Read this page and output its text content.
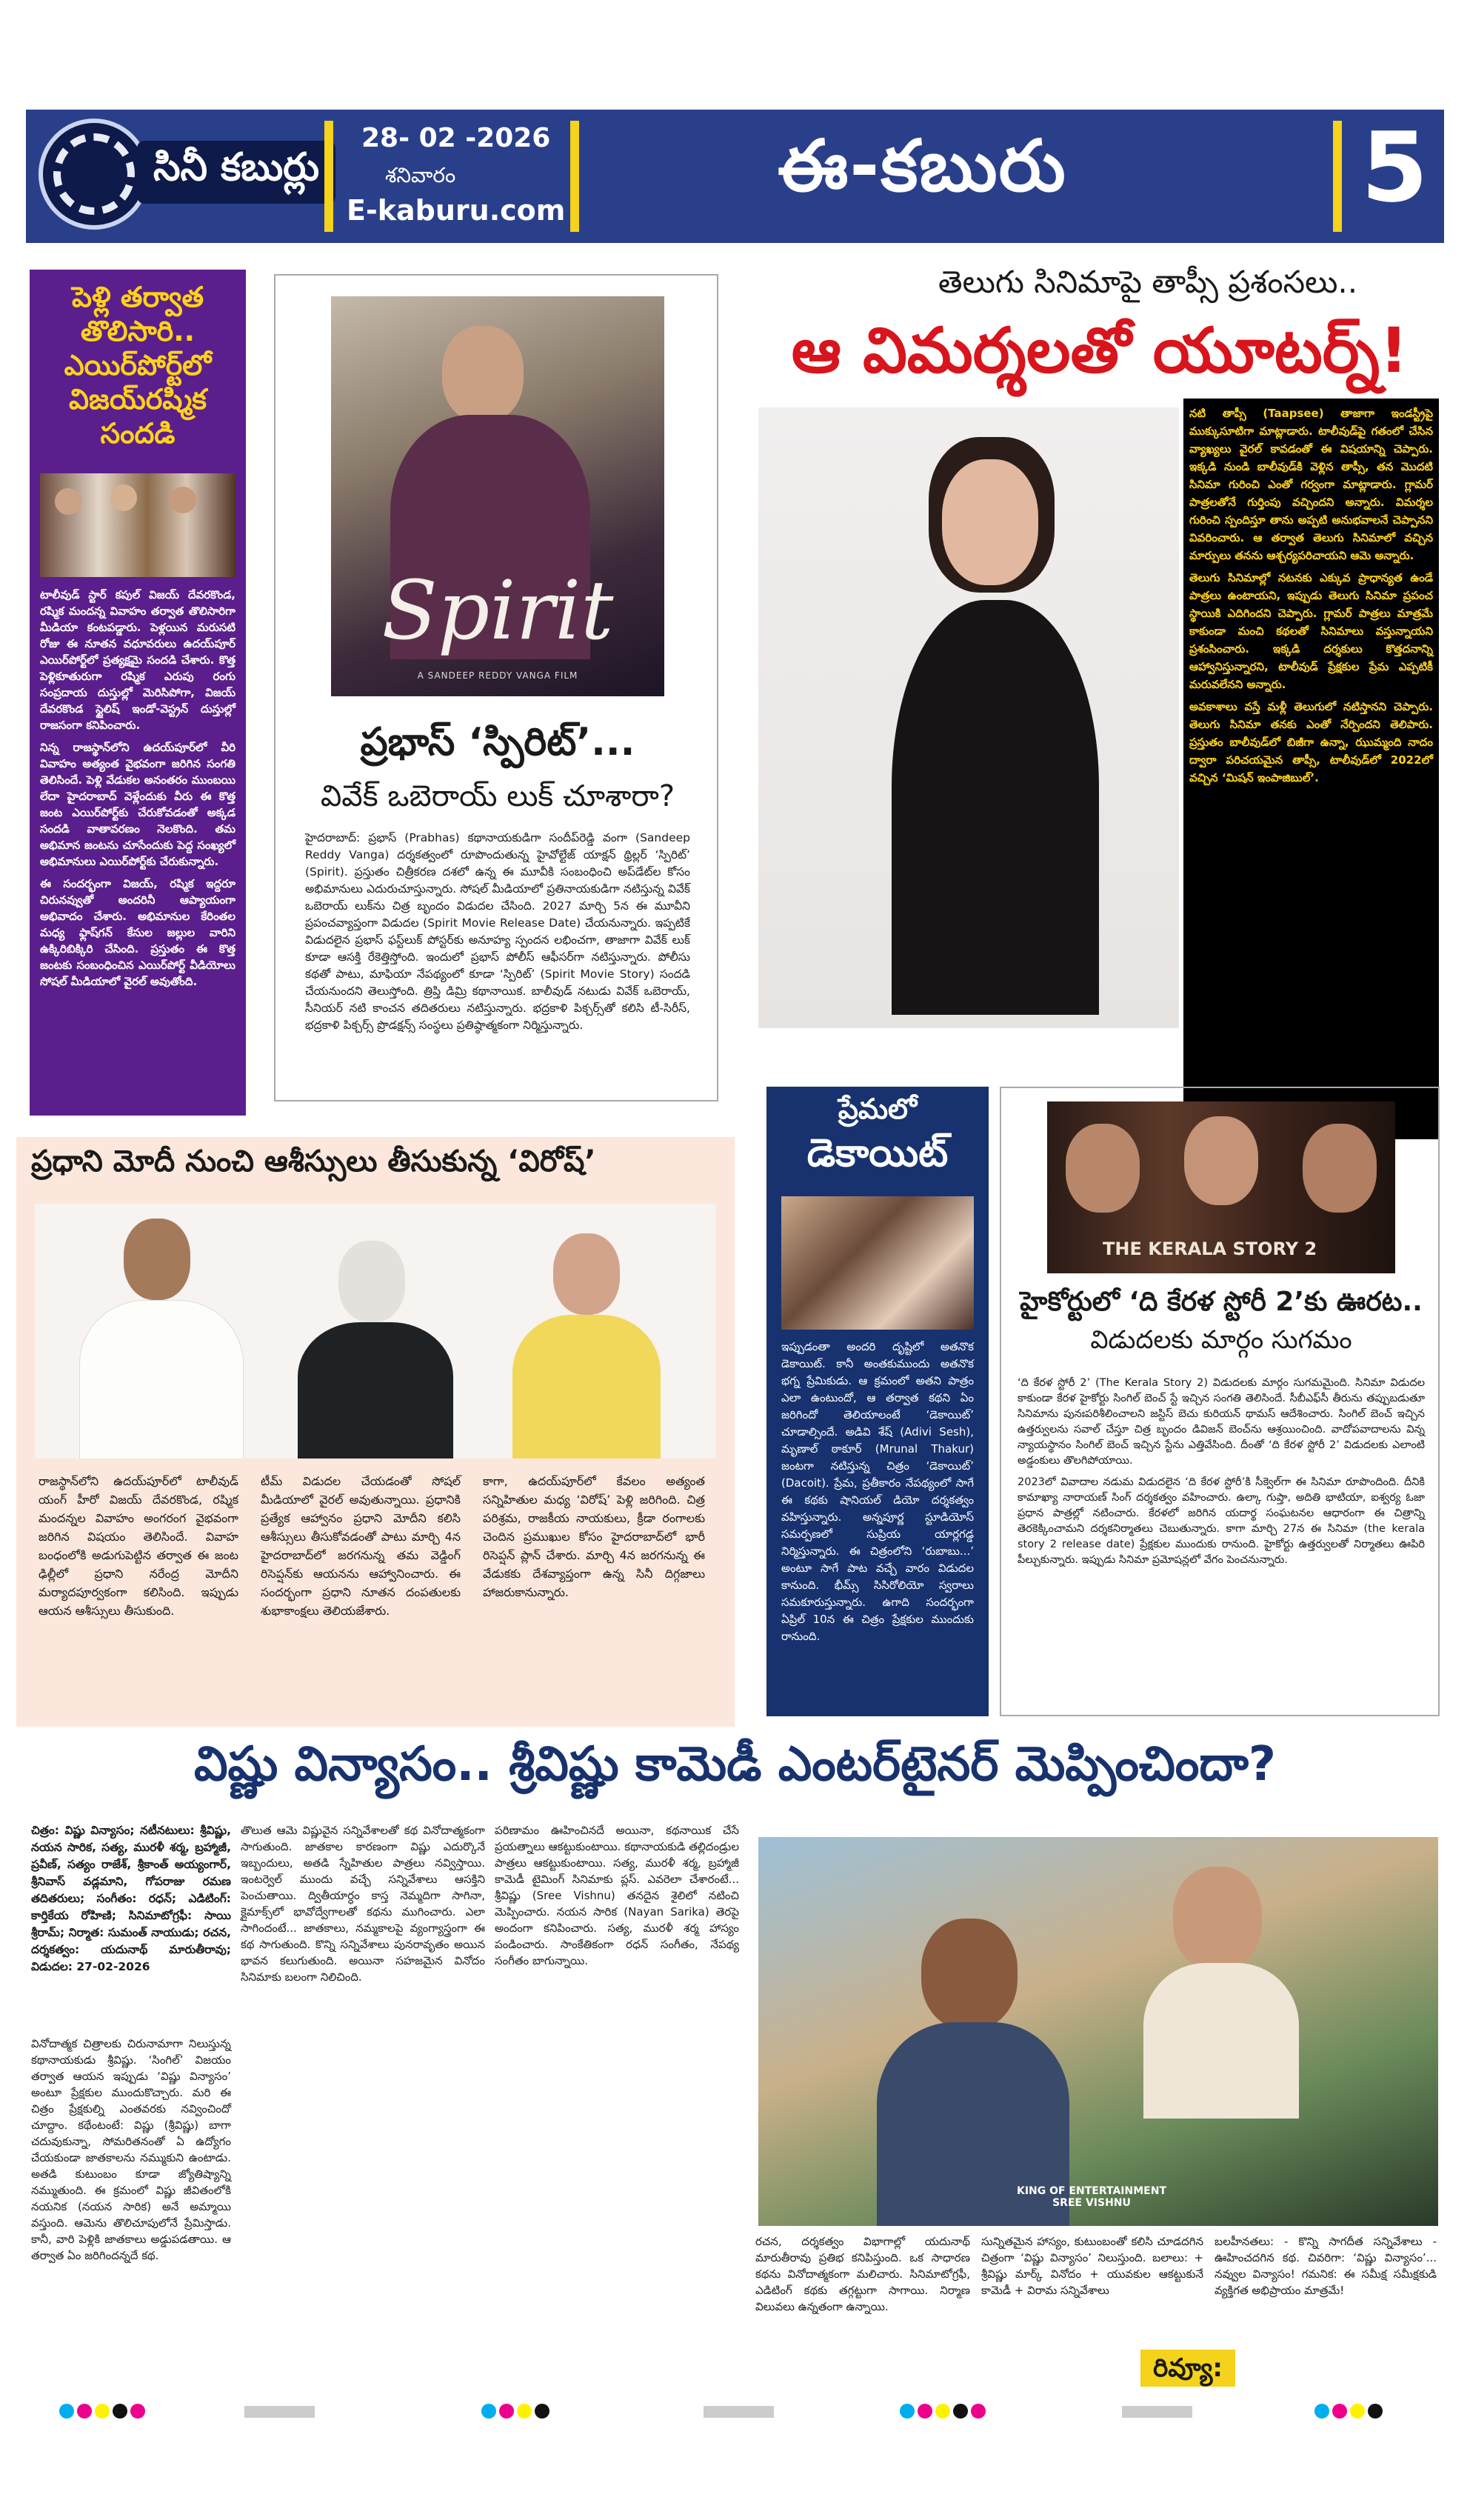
సినీ కబుర్లు
28- 02 -2026
శనివారం
E-kaburu.com
ఈ-కబురు	5
పెళ్లి తర్వాత తొలిసారి.. ఎయిర్‌పోర్ట్‌లో విజయ్‌రష్మిక సందడి

టాలీవుడ్ స్టార్ కపుల్ విజయ్ దేవరకొండ, రష్మిక మందన్న వివాహం తర్వాత తొలిసారిగా మీడియా కంటపడ్డారు. పెళ్లయిన మరుసటి రోజు ఈ నూతన వధూవరులు ఉదయ్‌పూర్ ఎయిర్‌పోర్ట్‌లో ప్రత్యక్షమై సందడి చేశారు. కొత్త పెళ్లికూతురుగా రష్మిక ఎరుపు రంగు సంప్రదాయ దుస్తుల్లో మెరిసిపోగా, విజయ్ దేవరకొండ స్టైలిష్ ఇండో-వెస్ట్రన్ దుస్తుల్లో రాజసంగా కనిపించారు.

నిన్న రాజస్థాన్‌లోని ఉదయ్‌పూర్‌లో వీరి వివాహం అత్యంత వైభవంగా జరిగిన సంగతి తెలిసిందే. పెళ్లి వేడుకల అనంతరం ముంబయి లేదా హైదరాబాద్ వెళ్లేందుకు వీరు ఈ కొత్త జంట ఎయిర్‌పోర్ట్‌కు చేరుకోవడంతో అక్కడ సందడి వాతావరణం నెలకొంది. తమ అభిమాన జంటను చూసేందుకు పెద్ద సంఖ్యలో అభిమానులు ఎయిర్‌పోర్ట్‌కు చేరుకున్నారు.

ఈ సందర్భంగా విజయ్, రష్మిక ఇద్దరూ చిరునవ్వుతో అందరినీ ఆప్యాయంగా అభివాదం చేశారు. అభిమానుల కేరింతల మధ్య ఫ్లాష్‌గన్ కేసుల జల్లుల వారిని ఉక్కిరిబిక్కిరి చేసింది. ప్రస్తుతం ఈ కొత్త జంటకు సంబంధించిన ఎయిర్‌పోర్ట్ వీడియోలు సోషల్ మీడియాలో వైరల్ అవుతోంది.

Spirit
A SANDEEP REDDY VANGA FILM
ప్రభాస్ ‘స్పిరిట్’...
వివేక్ ఒబెరాయ్ లుక్ చూశారా?
హైదరాబాద్: ప్రభాస్ (Prabhas) కథానాయకుడిగా సందీప్‌రెడ్డి వంగా (Sandeep Reddy Vanga) దర్శకత్వంలో రూపొందుతున్న హైవోల్టేజ్ యాక్షన్ థ్రిల్లర్ ‘స్పిరిట్’ (Spirit). ప్రస్తుతం చిత్రీకరణ దశలో ఉన్న ఈ మూవీకి సంబంధించి అప్‌డేట్‌ల కోసం అభిమానులు ఎదురుచూస్తున్నారు. సోషల్ మీడియాలో ప్రతినాయకుడిగా నటిస్తున్న వివేక్ ఒబెరాయ్ లుక్‌ను చిత్ర బృందం విడుదల చేసింది. 2027 మార్చి 5న ఈ మూవీని ప్రపంచవ్యాప్తంగా విడుదల (Spirit Movie Release Date) చేయనున్నారు. ఇప్పటికే విడుదలైన ప్రభాస్ ఫస్ట్‌లుక్ పోస్టర్‌కు అనూహ్య స్పందన లభించగా, తాజాగా వివేక్ లుక్ కూడా ఆసక్తి రేకెత్తిస్తోంది. ఇందులో ప్రభాస్ పోలీస్ ఆఫీసర్‌గా నటిస్తున్నారు. పోలీసు కథతో పాటు, మాఫియా నేపథ్యంలో కూడా ‘స్పిరిట్’ (Spirit Movie Story) సందడి చేయనుందని తెలుస్తోంది. త్రిప్తి డిమ్రి కథానాయిక. బాలీవుడ్ నటుడు వివేక్ ఒబెరాయ్, సీనియర్ నటి కాంచన తదితరులు నటిస్తున్నారు. భద్రకాళి పిక్చర్స్‌తో కలిసి టీ-సిరీస్, భద్రకాళి పిక్చర్స్ ప్రొడక్షన్స్ సంస్థలు ప్రతిష్ఠాత్మకంగా నిర్మిస్తున్నారు.
తెలుగు సినిమాపై తాప్సీ ప్రశంసలు..
ఆ విమర్శలతో యూటర్న్!

నటి తాప్సీ (Taapsee) తాజాగా ఇండస్ట్రీపై ముక్కుసూటిగా మాట్లాడారు. టాలీవుడ్‌పై గతంలో చేసిన వ్యాఖ్యలు వైరల్ కావడంతో ఈ విషయాన్ని చెప్పారు. ఇక్కడి నుండి బాలీవుడ్‌కి వెళ్లిన తాప్సీ, తన మొదటి సినిమా గురించి ఎంతో గర్వంగా మాట్లాడారు. గ్లామర్ పాత్రలతోనే గుర్తింపు వచ్చిందని అన్నారు. విమర్శల గురించి స్పందిస్తూ తాను అప్పటి అనుభవాలనే చెప్పానని వివరించారు. ఆ తర్వాత తెలుగు సినిమాలో వచ్చిన మార్పులు తనను ఆశ్చర్యపరిచాయని ఆమె అన్నారు.

తెలుగు సినిమాల్లో నటనకు ఎక్కువ ప్రాధాన్యత ఉండే పాత్రలు ఉంటాయని, ఇప్పుడు తెలుగు సినిమా ప్రపంచ స్థాయికి ఎదిగిందని చెప్పారు. గ్లామర్ పాత్రలు మాత్రమే కాకుండా మంచి కథలతో సినిమాలు వస్తున్నాయని ప్రశంసించారు. ఇక్కడి దర్శకులు కొత్తదనాన్ని ఆహ్వానిస్తున్నారని, టాలీవుడ్ ప్రేక్షకుల ప్రేమ ఎప్పటికీ మరువలేనని అన్నారు.

అవకాశాలు వస్తే మళ్లీ తెలుగులో నటిస్తానని చెప్పారు. తెలుగు సినిమా తనకు ఎంతో నేర్పిందని తెలిపారు. ప్రస్తుతం బాలీవుడ్‌లో బిజీగా ఉన్నా, ఝుమ్మంది నాదం ద్వారా పరిచయమైన తాప్సీ, టాలీవుడ్‌లో 2022లో వచ్చిన ‘మిషన్ ఇంపాజిబుల్’.

ప్రధాని మోదీ నుంచి ఆశీస్సులు తీసుకున్న ‘విరోష్’
రాజస్థాన్‌లోని ఉదయ్‌పూర్‌లో టాలీవుడ్ యంగ్ హీరో విజయ్ దేవరకొండ, రష్మిక మందన్నల వివాహం అంగరంగ వైభవంగా జరిగిన విషయం తెలిసిందే. వివాహ బంధంలోకి అడుగుపెట్టిన తర్వాత ఈ జంట ఢిల్లీలో ప్రధాని నరేంద్ర మోదీని మర్యాదపూర్వకంగా కలిసింది. ఇప్పుడు ఆయన ఆశీస్సులు తీసుకుంది.
టీమ్ విడుదల చేయడంతో సోషల్ మీడియాలో వైరల్ అవుతున్నాయి. ప్రధానికి ప్రత్యేక ఆహ్వానం ప్రధాని మోదీని కలిసి ఆశీస్సులు తీసుకోవడంతో పాటు మార్చి 4న హైదరాబాద్‌లో జరగనున్న తమ వెడ్డింగ్ రిసెప్షన్‌కు ఆయనను ఆహ్వానించారు. ఈ సందర్భంగా ప్రధాని నూతన దంపతులకు శుభాకాంక్షలు తెలియజేశారు.
కాగా, ఉదయ్‌పూర్‌లో కేవలం అత్యంత సన్నిహితుల మధ్య ‘విరోష్’ పెళ్లి జరిగింది. చిత్ర పరిశ్రమ, రాజకీయ నాయకులు, క్రీడా రంగాలకు చెందిన ప్రముఖుల కోసం హైదరాబాద్‌లో భారీ రిసెప్షన్ ప్లాన్ చేశారు. మార్చి 4న జరగనున్న ఈ వేడుకకు దేశవ్యాప్తంగా ఉన్న సినీ దిగ్గజాలు హాజరుకానున్నారు.
ప్రేమలో
డెకాయిట్
ఇప్పుడంతా అందరి దృష్టిలో అతనొక డెకాయిట్. కానీ అంతకుముందు అతనొక భగ్న ప్రేమికుడు. ఆ క్రమంలో అతని పాత్రం ఎలా ఉంటుందో, ఆ తర్వాత కథని ఏం జరిగిందో తెలియాలంటే ‘డెకాయిట్’ చూడాల్సిందే. అడివి శేష్ (Adivi Sesh), మృణాల్ ఠాకూర్ (Mrunal Thakur) జంటగా నటిస్తున్న చిత్రం ‘డెకాయిట్’ (Dacoit). ప్రేమ, ప్రతీకారం నేపథ్యంలో సాగే ఈ కథకు షానియల్ డియో దర్శకత్వం వహిస్తున్నారు. అన్నపూర్ణ స్టూడియోస్ సమర్పణలో సుప్రియ యార్లగడ్డ నిర్మిస్తున్నారు. ఈ చిత్రంలోని ‘రుబాబు...’ అంటూ సాగే పాట వచ్చే వారం విడుదల కానుంది. భీమ్స్ సిసిరోలియో స్వరాలు సమకూరుస్తున్నారు. ఉగాది సందర్భంగా ఏప్రిల్ 10న ఈ చిత్రం ప్రేక్షకుల ముందుకు రానుంది.
THE KERALA STORY 2
హైకోర్టులో ‘ది కేరళ స్టోరీ 2’కు ఊరట..
విడుదలకు మార్గం సుగమం

‘ది కేరళ స్టోరీ 2’ (The Kerala Story 2) విడుదలకు మార్గం సుగమమైంది. సినిమా విడుదల కాకుండా కేరళ హైకోర్టు సింగిల్ బెంచ్ స్టే ఇచ్చిన సంగతి తెలిసిందే. సీబీఎఫ్‌సీ తీరును తప్పుబడుతూ సినిమాను పునఃపరిశీలించాలని జస్టిస్ బెచు కురియన్ థామస్ ఆదేశించారు. సింగిల్ బెంచ్ ఇచ్చిన ఉత్తర్వులను సవాల్ చేస్తూ చిత్ర బృందం డివిజన్ బెంచ్‌ను ఆశ్రయించింది. వాదోపవాదాలను విన్న న్యాయస్థానం సింగిల్ బెంచ్ ఇచ్చిన స్టేను ఎత్తివేసింది. దీంతో ‘ది కేరళ స్టోరీ 2’ విడుదలకు ఎలాంటి అడ్డంకులు తొలగిపోయాయి.

2023లో వివాదాల నడుమ విడుదలైన ‘ది కేరళ స్టోరీ’కి సీక్వెల్‌గా ఈ సినిమా రూపొందింది. దీనికి కామాఖ్యా నారాయణ్ సింగ్ దర్శకత్వం వహించారు. ఉల్కా గుప్తా, అదితి భాటియా, ఐశ్వర్య ఓజా ప్రధాన పాత్రల్లో నటించారు. కేరళలో జరిగిన యదార్థ సంఘటనల ఆధారంగా ఈ చిత్రాన్ని తెరకెక్కించామని దర్శకనిర్మాతలు చెబుతున్నారు. కాగా మార్చి 27న ఈ సినిమా (the kerala story 2 release date) ప్రేక్షకుల ముందుకు రానుంది. హైకోర్టు ఉత్తర్వులతో నిర్మాతలు ఊపిరి పీల్చుకున్నారు. ఇప్పుడు సినిమా ప్రమోషన్లలో వేగం పెంచనున్నారు.

విష్ణు విన్యాసం.. శ్రీవిష్ణు కామెడీ ఎంటర్‌టైనర్ మెప్పించిందా?
చిత్రం: విష్ణు విన్యాసం; నటీనటులు: శ్రీవిష్ణు, నయన సారిక, సత్య, మురళీ శర్మ, బ్రహ్మాజీ, ప్రవీణ్, సత్యం రాజేశ్, శ్రీకాంత్ అయ్యంగార్, శ్రీనివాస్ వడ్లమాని, గోపరాజు రమణ తదితరులు; సంగీతం: రధన్; ఎడిటింగ్: కార్తికేయ రోహిణి; సినిమాటోగ్రఫీ: సాయి శ్రీరామ్; నిర్మాత: సుమంత్ నాయుడు; రచన, దర్శకత్వం: యదునాథ్ మారుతీరావు; విడుదల: 27-02-2026
వినోదాత్మక చిత్రాలకు చిరునామాగా నిలుస్తున్న కథానాయకుడు శ్రీవిష్ణు. ‘సింగిల్’ విజయం తర్వాత ఆయన ఇప్పుడు ‘విష్ణు విన్యాసం’ అంటూ ప్రేక్షకుల ముందుకొచ్చారు. మరి ఈ చిత్రం ప్రేక్షకుల్ని ఎంతవరకు నవ్వించిందో చూద్దాం. కథేంటంటే: విష్ణు (శ్రీవిష్ణు) బాగా చదువుకున్నా, సోమరితనంతో ఏ ఉద్యోగం చేయకుండా జాతకాలను నమ్ముకుని ఉంటాడు. అతడి కుటుంబం కూడా జ్యోతిష్యాన్ని నమ్ముతుంది. ఈ క్రమంలో విష్ణు జీవితంలోకి నయనిక (నయన సారిక) అనే అమ్మాయి వస్తుంది. ఆమెను తొలిచూపులోనే ప్రేమిస్తాడు. కానీ, వారి పెళ్లికి జాతకాలు అడ్డుపడతాయి. ఆ తర్వాత ఏం జరిగిందన్నదే కథ.
తొలుత ఆమె విష్ణువైన సన్నివేశాలతో కథ వినోదాత్మకంగా సాగుతుంది. జాతకాల కారణంగా విష్ణు ఎదుర్కొనే ఇబ్బందులు, అతడి స్నేహితుల పాత్రలు నవ్విస్తాయి. ఇంటర్వెల్ ముందు వచ్చే సన్నివేశాలు ఆసక్తిని పెంచుతాయి. ద్వితీయార్ధం కాస్త నెమ్మదిగా సాగినా, క్లైమాక్స్‌లో భావోద్వేగాలతో కథను ముగించారు. ఎలా సాగిందంటే... జాతకాలు, నమ్మకాలపై వ్యంగ్యాస్త్రంగా ఈ కథ సాగుతుంది. కొన్ని సన్నివేశాలు పునరావృతం అయిన భావన కలుగుతుంది. అయినా సహజమైన వినోదం సినిమాకు బలంగా నిలిచింది.
పరిణామం ఊహించినదే అయినా, కథనాయిక చేసే ప్రయత్నాలు ఆకట్టుకుంటాయి. కథానాయకుడి తల్లిదండ్రుల పాత్రలు ఆకట్టుకుంటాయి. సత్య, మురళీ శర్మ, బ్రహ్మాజీ కామెడీ టైమింగ్ సినిమాకు ప్లస్. ఎవరెలా చేశారంటే... శ్రీవిష్ణు (Sree Vishnu) తనదైన శైలిలో నటించి మెప్పించారు. నయన సారిక (Nayan Sarika) తెరపై అందంగా కనిపించారు. సత్య, మురళీ శర్మ హాస్యం పండించారు. సాంకేతికంగా రధన్ సంగీతం, నేపథ్య సంగీతం బాగున్నాయి.
KING OF ENTERTAINMENT SREE VISHNU
రచన, దర్శకత్వం విభాగాల్లో యదునాథ్ మారుతీరావు ప్రతిభ కనిపిస్తుంది. ఒక సాధారణ కథను వినోదాత్మకంగా మలిచారు. సినిమాటోగ్రఫీ, ఎడిటింగ్ కథకు తగ్గట్టుగా సాగాయి. నిర్మాణ విలువలు ఉన్నతంగా ఉన్నాయి.
సున్నితమైన హాస్యం, కుటుంబంతో కలిసి చూడదగిన చిత్రంగా ‘విష్ణు విన్యాసం’ నిలుస్తుంది. బలాలు: + శ్రీవిష్ణు మార్క్ వినోదం + యువకుల ఆకట్టుకునే కామెడీ + విరామ సన్నివేశాలు
బలహీనతలు: - కొన్ని సాగదీత సన్నివేశాలు - ఊహించదగిన కథ. చివరిగా: ‘విష్ణు విన్యాసం’... నవ్వుల విన్యాసం! గమనిక: ఈ సమీక్ష సమీక్షకుడి వ్యక్తిగత అభిప్రాయం మాత్రమే!
రివ్యూ:
